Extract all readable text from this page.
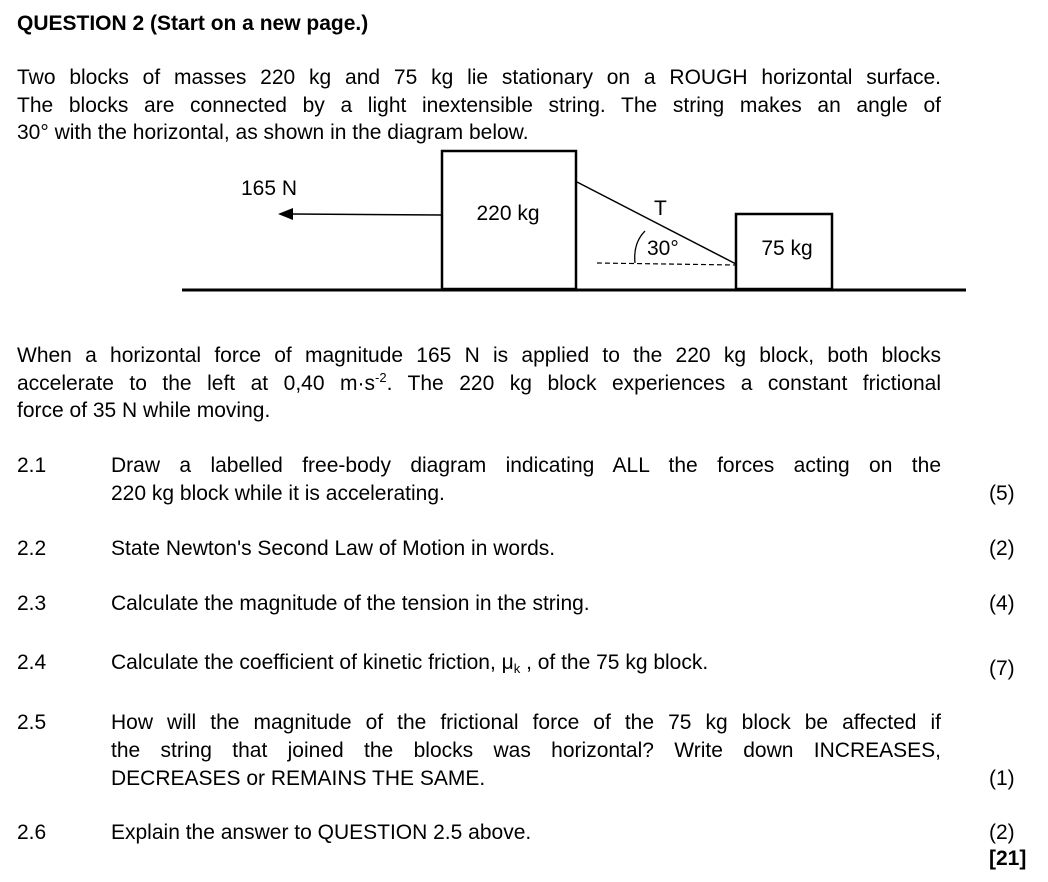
QUESTION 2 (Start on a new page.)
Two blocks of masses 220 kg and 75 kg lie stationary on a ROUGH horizontal surface.
The blocks are connected by a light inextensible string. The string makes an angle of
30° with the horizontal, as shown in the diagram below.
220 kg
75 kg
165 N
T
30°
When a horizontal force of magnitude 165 N is applied to the 220 kg block, both blocks
accelerate to the left at 0,40 $m\cdot s^{-2}$. The 220 kg block experiences a constant frictional
force of 35 N while moving.
2.1	Draw a labelled free-body diagram indicating ALL the forces acting on the
220 kg block while it is accelerating.	(5)
2.2	State Newton's Second Law of Motion in words.	(2)
2.3	Calculate the magnitude of the tension in the string.	(4)
2.4	Calculate the coefficient of kinetic friction, μk , of the 75 kg block.	(7)
2.5	How will the magnitude of the frictional force of the 75 kg block be affected if
the string that joined the blocks was horizontal? Write down INCREASES,
DECREASES or REMAINS THE SAME.	(1)
2.6	Explain the answer to QUESTION 2.5 above.	(2)
[21]
